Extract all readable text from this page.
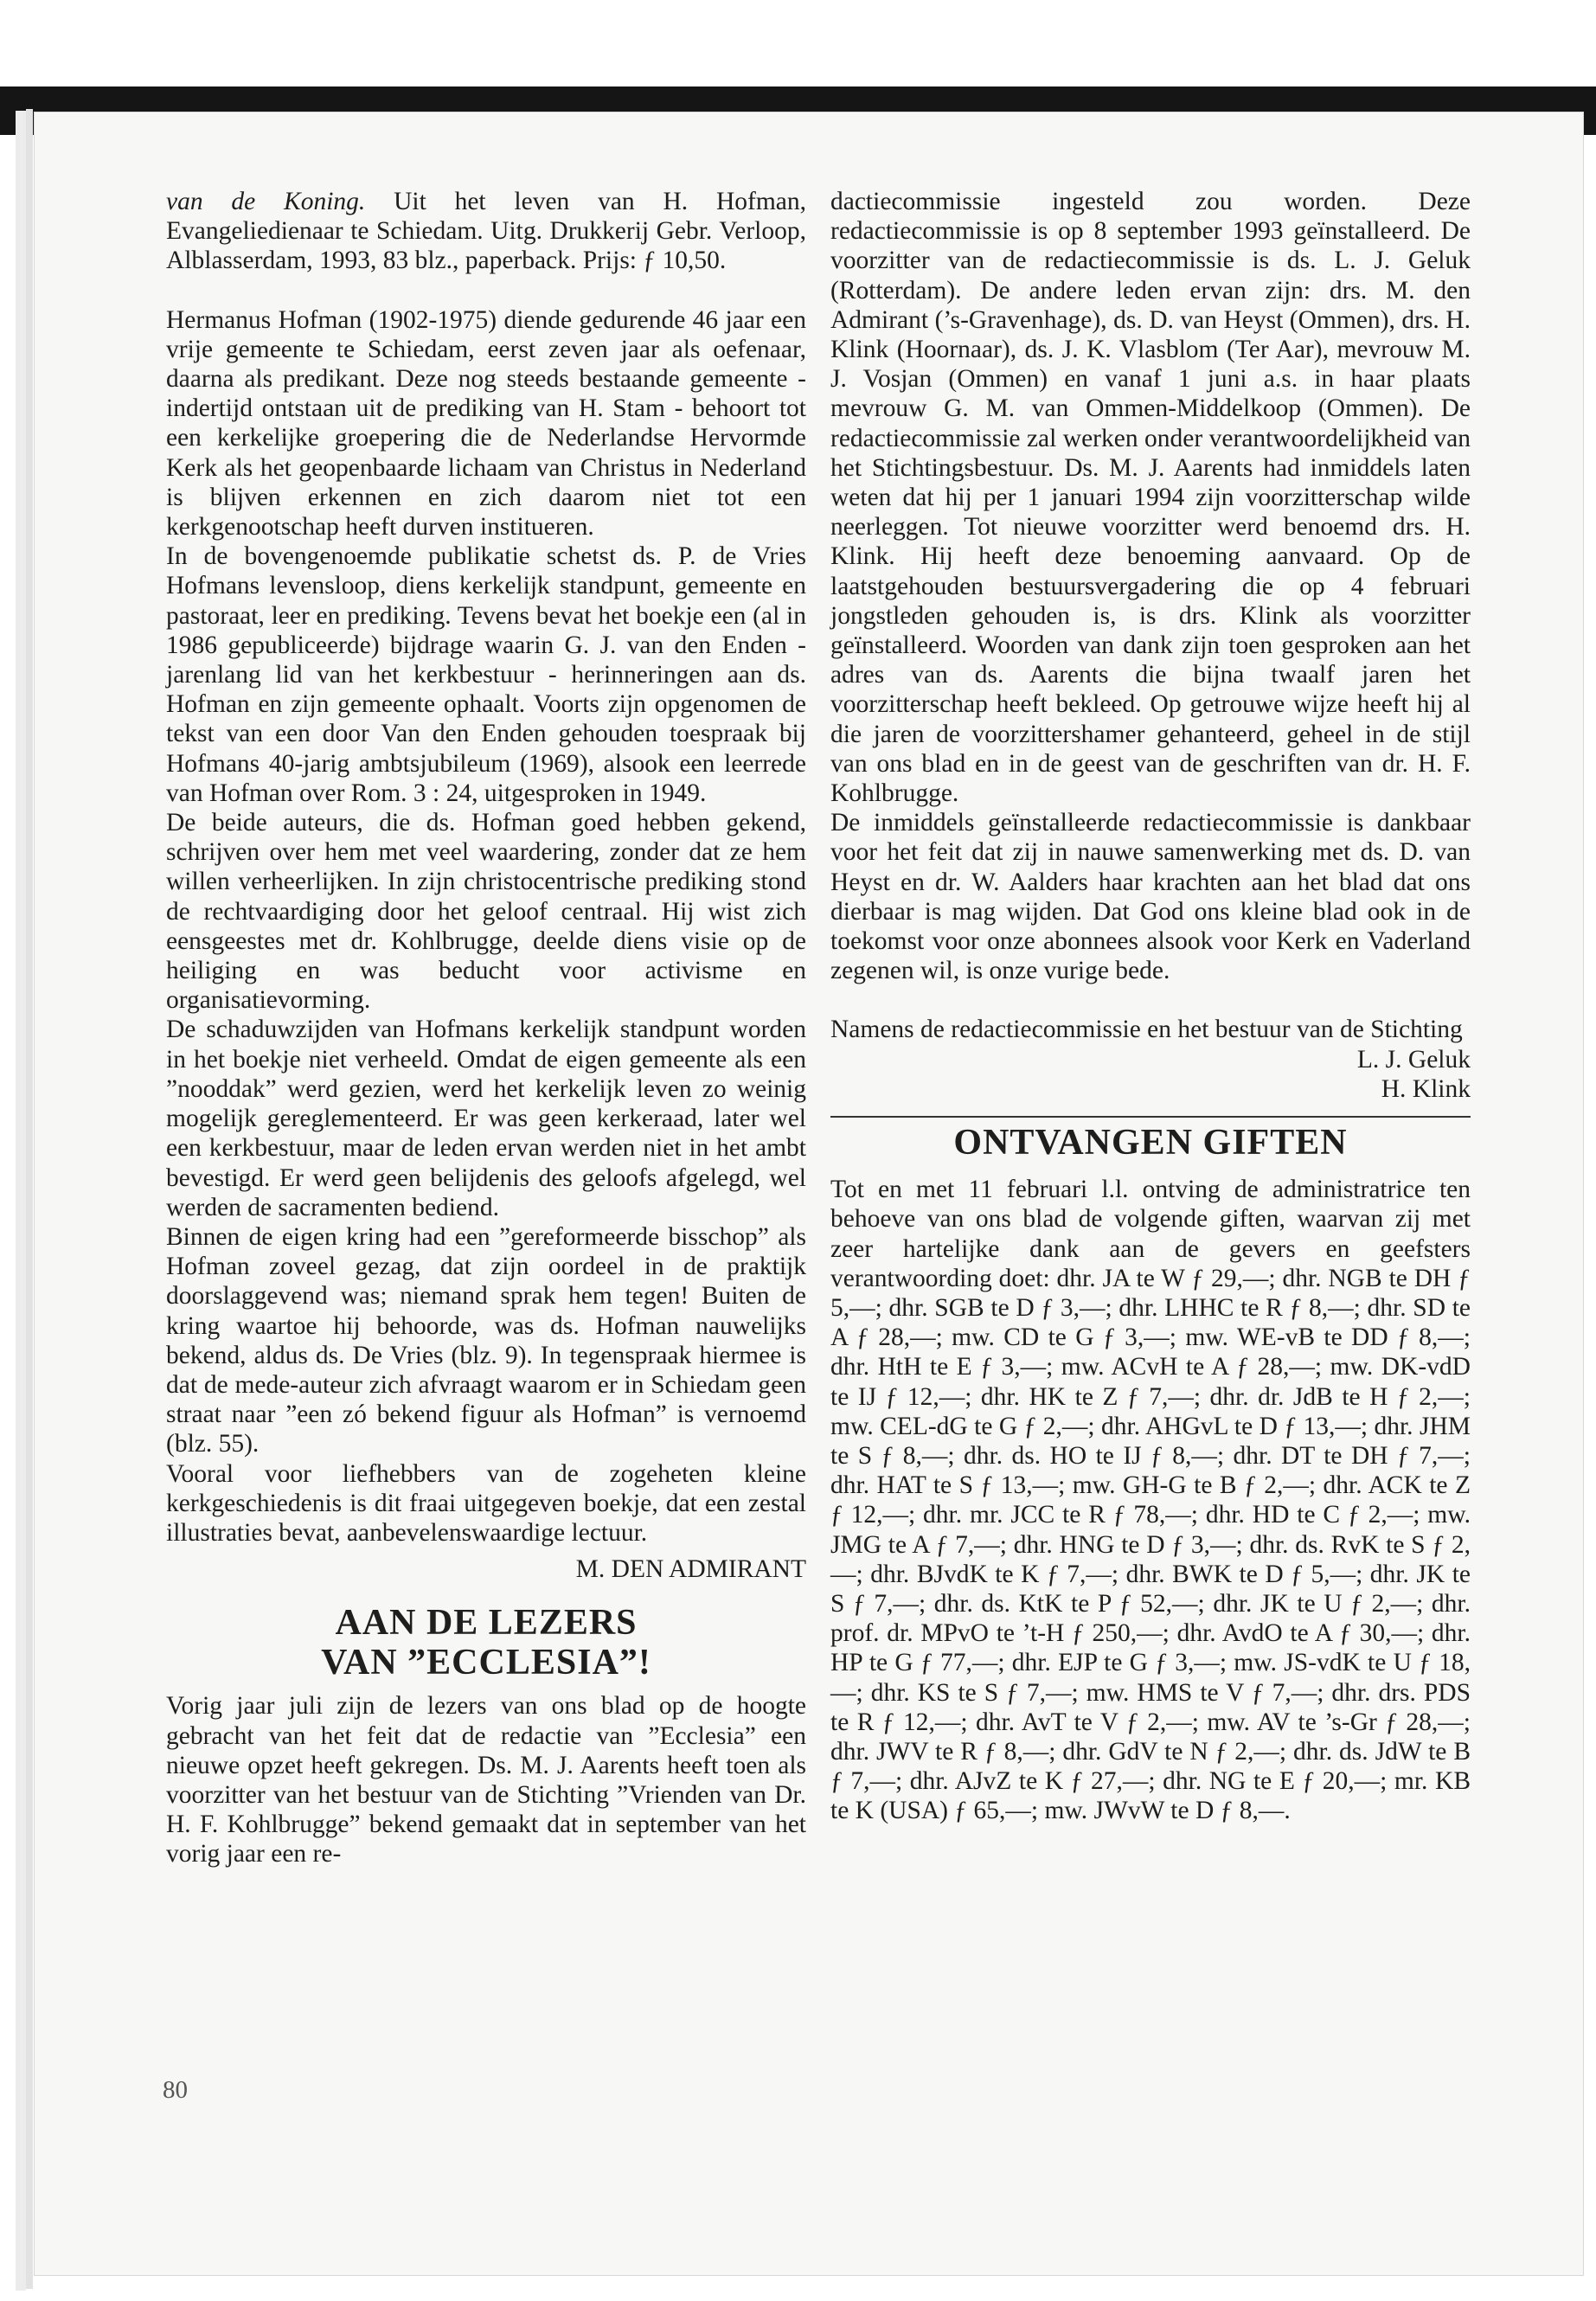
van de Koning. Uit het leven van H. Hofman, Evangeliedienaar te Schiedam. Uitg. Drukkerij Gebr. Verloop, Alblasserdam, 1993, 83 blz., paperback. Prijs: ƒ 10,50.

Hermanus Hofman (1902-1975) diende gedurende 46 jaar een vrije gemeente te Schiedam, eerst zeven jaar als oefenaar, daarna als predikant. Deze nog steeds bestaande gemeente - indertijd ontstaan uit de prediking van H. Stam - behoort tot een kerkelijke groepering die de Nederlandse Hervormde Kerk als het geopenbaarde lichaam van Christus in Nederland is blijven erkennen en zich daarom niet tot een kerkgenootschap heeft durven institueren.

In de bovengenoemde publikatie schetst ds. P. de Vries Hofmans levensloop, diens kerkelijk standpunt, gemeente en pastoraat, leer en prediking. Tevens bevat het boekje een (al in 1986 gepubliceerde) bijdrage waarin G. J. van den Enden - jarenlang lid van het kerkbestuur - herinneringen aan ds. Hofman en zijn gemeente ophaalt. Voorts zijn opgenomen de tekst van een door Van den Enden gehouden toespraak bij Hofmans 40-jarig ambtsjubileum (1969), alsook een leerrede van Hofman over Rom. 3 : 24, uitgesproken in 1949.

De beide auteurs, die ds. Hofman goed hebben gekend, schrijven over hem met veel waardering, zonder dat ze hem willen verheerlijken. In zijn christocentrische prediking stond de rechtvaardiging door het geloof centraal. Hij wist zich eensgeestes met dr. Kohlbrugge, deelde diens visie op de heiliging en was beducht voor activisme en organisatievorming.

De schaduwzijden van Hofmans kerkelijk standpunt worden in het boekje niet verheeld. Omdat de eigen gemeente als een ”nooddak” werd gezien, werd het kerkelijk leven zo weinig mogelijk gereglementeerd. Er was geen kerkeraad, later wel een kerkbestuur, maar de leden ervan werden niet in het ambt bevestigd. Er werd geen belijdenis des geloofs afgelegd, wel werden de sacramenten bediend.

Binnen de eigen kring had een ”gereformeerde bisschop” als Hofman zoveel gezag, dat zijn oordeel in de praktijk doorslaggevend was; niemand sprak hem tegen! Buiten de kring waartoe hij behoorde, was ds. Hofman nauwelijks bekend, aldus ds. De Vries (blz. 9). In tegenspraak hiermee is dat de mede-auteur zich afvraagt waarom er in Schiedam geen straat naar ”een zó bekend figuur als Hofman” is vernoemd (blz. 55).

Vooral voor liefhebbers van de zogeheten kleine kerkgeschiedenis is dit fraai uitgegeven boekje, dat een zestal illustraties bevat, aanbevelenswaardige lectuur.

M. DEN ADMIRANT

AAN DE LEZERS

VAN ”ECCLESIA”!

Vorig jaar juli zijn de lezers van ons blad op de hoogte gebracht van het feit dat de redactie van ”Ecclesia” een nieuwe opzet heeft gekregen. Ds. M. J. Aarents heeft toen als voorzitter van het bestuur van de Stichting ”Vrienden van Dr. H. F. Kohlbrugge” bekend gemaakt dat in september van het vorig jaar een re-

dactiecommissie ingesteld zou worden. Deze redactiecommissie is op 8 september 1993 geïnstalleerd. De voorzitter van de redactiecommissie is ds. L. J. Geluk (Rotterdam). De andere leden ervan zijn: drs. M. den Admirant (’s-Gravenhage), ds. D. van Heyst (Ommen), drs. H. Klink (Hoornaar), ds. J. K. Vlasblom (Ter Aar), mevrouw M. J. Vosjan (Ommen) en vanaf 1 juni a.s. in haar plaats mevrouw G. M. van Ommen-Middelkoop (Ommen). De redactiecommissie zal werken onder verantwoordelijkheid van het Stichtingsbestuur. Ds. M. J. Aarents had inmiddels laten weten dat hij per 1 januari 1994 zijn voorzitterschap wilde neerleggen. Tot nieuwe voorzitter werd benoemd drs. H. Klink. Hij heeft deze benoeming aanvaard. Op de laatstgehouden bestuursvergadering die op 4 februari jongstleden gehouden is, is drs. Klink als voorzitter geïnstalleerd. Woorden van dank zijn toen gesproken aan het adres van ds. Aarents die bijna twaalf jaren het voorzitterschap heeft bekleed. Op getrouwe wijze heeft hij al die jaren de voorzittershamer gehanteerd, geheel in de stijl van ons blad en in de geest van de geschriften van dr. H. F. Kohlbrugge.

De inmiddels geïnstalleerde redactiecommissie is dankbaar voor het feit dat zij in nauwe samenwerking met ds. D. van Heyst en dr. W. Aalders haar krachten aan het blad dat ons dierbaar is mag wijden. Dat God ons kleine blad ook in de toekomst voor onze abonnees alsook voor Kerk en Vaderland zegenen wil, is onze vurige bede.

Namens de redactiecommissie en het bestuur van de Stichting

L. J. Geluk

H. Klink

ONTVANGEN GIFTEN

Tot en met 11 februari l.l. ontving de administratrice ten behoeve van ons blad de volgende giften, waarvan zij met zeer hartelijke dank aan de gevers en geefsters verantwoording doet: dhr. JA te W ƒ 29,—; dhr. NGB te DH ƒ 5,—; dhr. SGB te D ƒ 3,—; dhr. LHHC te R ƒ 8,—; dhr. SD te A ƒ 28,—; mw. CD te G ƒ 3,—; mw. WE-vB te DD ƒ 8,—; dhr. HtH te E ƒ 3,—; mw. ACvH te A ƒ 28,—; mw. DK-vdD te IJ ƒ 12,—; dhr. HK te Z ƒ 7,—; dhr. dr. JdB te H ƒ 2,—; mw. CEL-dG te G ƒ 2,—; dhr. AHGvL te D ƒ 13,—; dhr. JHM te S ƒ 8,—; dhr. ds. HO te IJ ƒ 8,—; dhr. DT te DH ƒ 7,—; dhr. HAT te S ƒ 13,—; mw. GH-G te B ƒ 2,—; dhr. ACK te Z ƒ 12,—; dhr. mr. JCC te R ƒ 78,—; dhr. HD te C ƒ 2,—; mw. JMG te A ƒ 7,—; dhr. HNG te D ƒ 3,—; dhr. ds. RvK te S ƒ 2,—; dhr. BJvdK te K ƒ 7,—; dhr. BWK te D ƒ 5,—; dhr. JK te S ƒ 7,—; dhr. ds. KtK te P ƒ 52,—; dhr. JK te U ƒ 2,—; dhr. prof. dr. MPvO te ’t-H ƒ 250,—; dhr. AvdO te A ƒ 30,—; dhr. HP te G ƒ 77,—; dhr. EJP te G ƒ 3,—; mw. JS-vdK te U ƒ 18,—; dhr. KS te S ƒ 7,—; mw. HMS te V ƒ 7,—; dhr. drs. PDS te R ƒ 12,—; dhr. AvT te V ƒ 2,—; mw. AV te ’s-Gr ƒ 28,—; dhr. JWV te R ƒ 8,—; dhr. GdV te N ƒ 2,—; dhr. ds. JdW te B ƒ 7,—; dhr. AJvZ te K ƒ 27,—; dhr. NG te E ƒ 20,—; mr. KB te K (USA) ƒ 65,—; mw. JWvW te D ƒ 8,—.

80
